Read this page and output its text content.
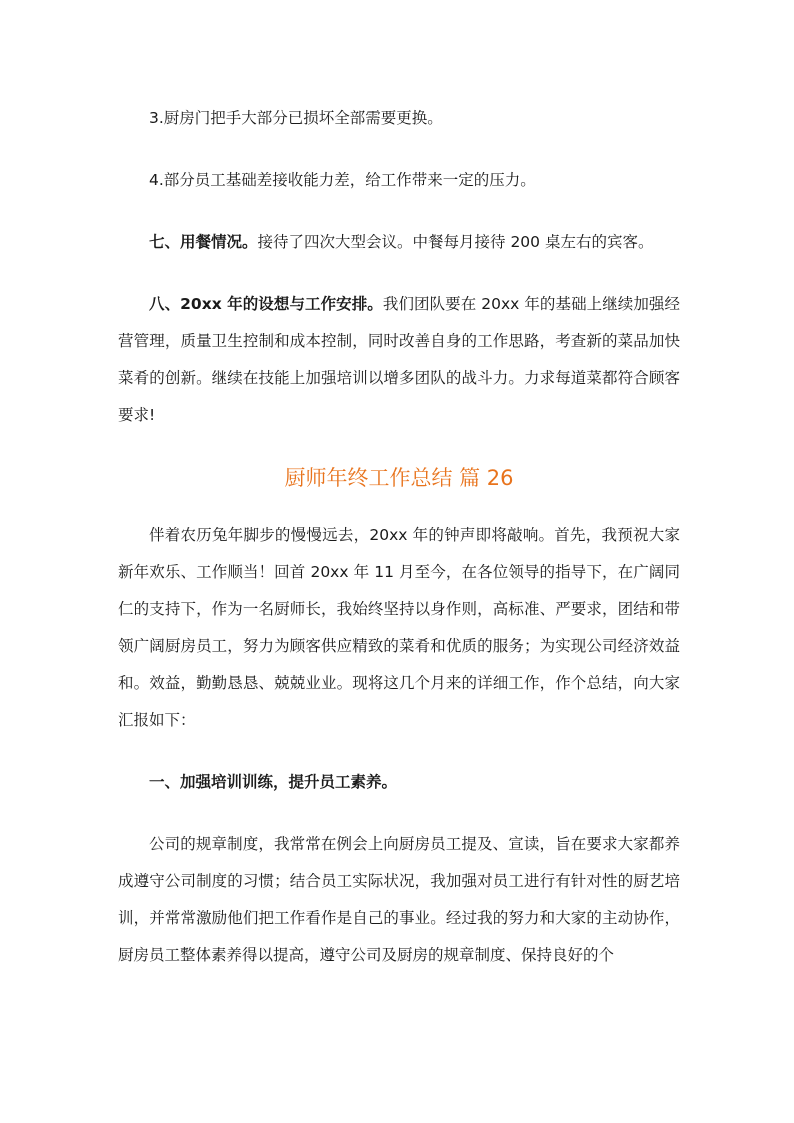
3.厨房门把手大部分已损坏全部需要更换。

4.部分员工基础差接收能力差，给工作带来一定的压力。

七、用餐情况。接待了四次大型会议。中餐每月接待 200 桌左右的宾客。

八、20xx 年的设想与工作安排。我们团队要在 20xx 年的基础上继续加强经营管理，质量卫生控制和成本控制，同时改善自身的工作思路，考查新的菜品加快菜肴的创新。继续在技能上加强培训以增多团队的战斗力。力求每道菜都符合顾客要求!

厨师年终工作总结 篇 26

伴着农历兔年脚步的慢慢远去，20xx 年的钟声即将敲响。首先，我预祝大家新年欢乐、工作顺当！回首 20xx 年 11 月至今，在各位领导的指导下，在广阔同仁的支持下，作为一名厨师长，我始终坚持以身作则，高标准、严要求，团结和带领广阔厨房员工，努力为顾客供应精致的菜肴和优质的服务；为实现公司经济效益和。效益，勤勤恳恳、兢兢业业。现将这几个月来的详细工作，作个总结，向大家汇报如下：

一、加强培训训练，提升员工素养。

公司的规章制度，我常常在例会上向厨房员工提及、宣读，旨在要求大家都养成遵守公司制度的习惯；结合员工实际状况，我加强对员工进行有针对性的厨艺培训，并常常激励他们把工作看作是自己的事业。经过我的努力和大家的主动协作，厨房员工整体素养得以提高，遵守公司及厨房的规章制度、保持良好的个
